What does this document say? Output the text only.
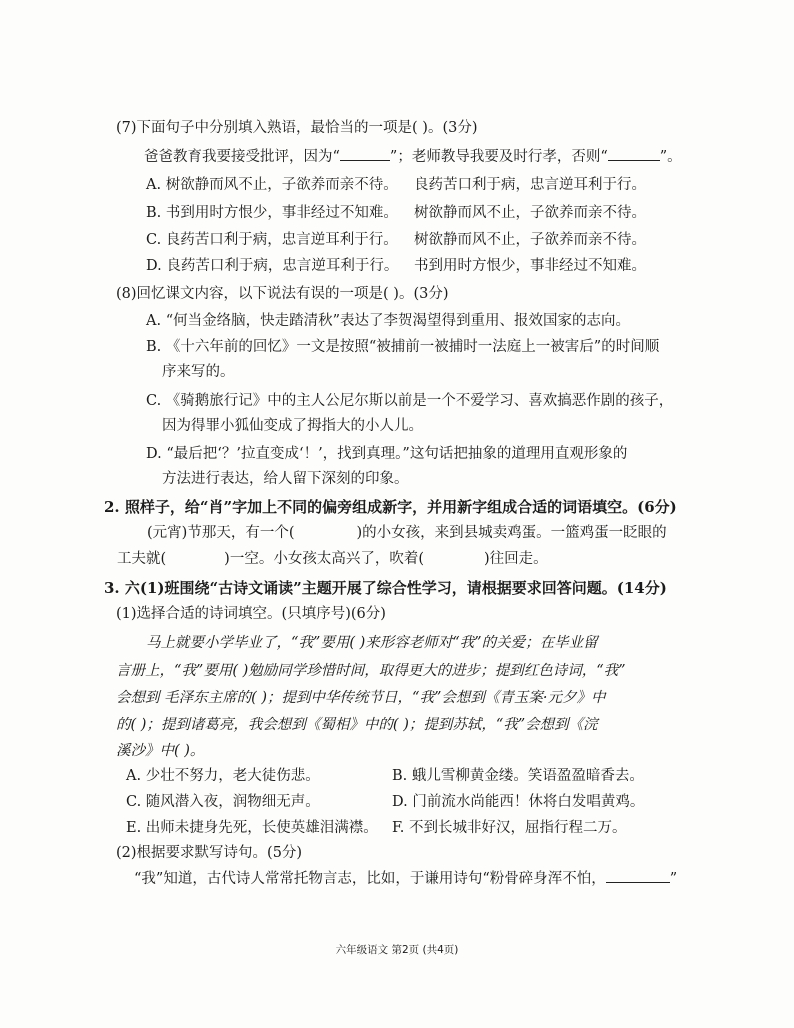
(7)下面句子中分别填入熟语，最恰当的一项是( )。(3分)
爸爸教育我要接受批评，因为“	”；老师教导我要及时行孝，否则“	”。
A. 树欲静而风不止，子欲养而亲不待。 良药苦口利于病，忠言逆耳利于行。
B. 书到用时方恨少，事非经过不知难。 树欲静而风不止，子欲养而亲不待。
C. 良药苦口利于病，忠言逆耳利于行。 树欲静而风不止，子欲养而亲不待。
D. 良药苦口利于病，忠言逆耳利于行。 书到用时方恨少，事非经过不知难。
(8)回忆课文内容，以下说法有误的一项是( )。(3分)
A. “何当金络脑，快走踏清秋”表达了李贺渴望得到重用、报效国家的志向。
B. 《十六年前的回忆》一文是按照“被捕前一被捕时一法庭上一被害后”的时间顺
序来写的。
C. 《骑鹅旅行记》中的主人公尼尔斯以前是一个不爱学习、喜欢搞恶作剧的孩子，
因为得罪小狐仙变成了拇指大的小人儿。
D. “最后把‘？’拉直变成‘！’，找到真理。”这句话把抽象的道理用直观形象的
方法进行表达，给人留下深刻的印象。
2. 照样子，给“肖”字加上不同的偏旁组成新字，并用新字组成合适的词语填空。(6分)
(元宵)节那天，有一个(	)的小女孩，来到县城卖鸡蛋。一篮鸡蛋一眨眼的
工夫就(	)一空。小女孩太高兴了，吹着(	)往回走。
3. 六(1)班围绕“古诗文诵读”主题开展了综合性学习，请根据要求回答问题。(14分)
(1)选择合适的诗词填空。(只填序号)(6分)
马上就要小学毕业了，“我”要用( )来形容老师对“我”的关爱；在毕业留
言册上，“我”要用( )勉励同学珍惜时间，取得更大的进步；提到红色诗词，“我”
会想到 毛泽东主席的( )；提到中华传统节日，“我”会想到《青玉案·元夕》中
的( )；提到诸葛亮，我会想到《蜀相》中的( )；提到苏轼，“我”会想到《浣
溪沙》中( )。
A. 少壮不努力，老大徒伤悲。	B. 蛾儿雪柳黄金缕。笑语盈盈暗香去。
C. 随风潜入夜，润物细无声。	D. 门前流水尚能西！休将白发唱黄鸡。
E. 出师未捷身先死，长使英雄泪满襟。 F. 不到长城非好汉，屈指行程二万。
(2)根据要求默写诗句。(5分)
“我”知道，古代诗人常常托物言志，比如，于谦用诗句“粉骨碎身浑不怕，	”
六年级语文 第2页 (共4页)
